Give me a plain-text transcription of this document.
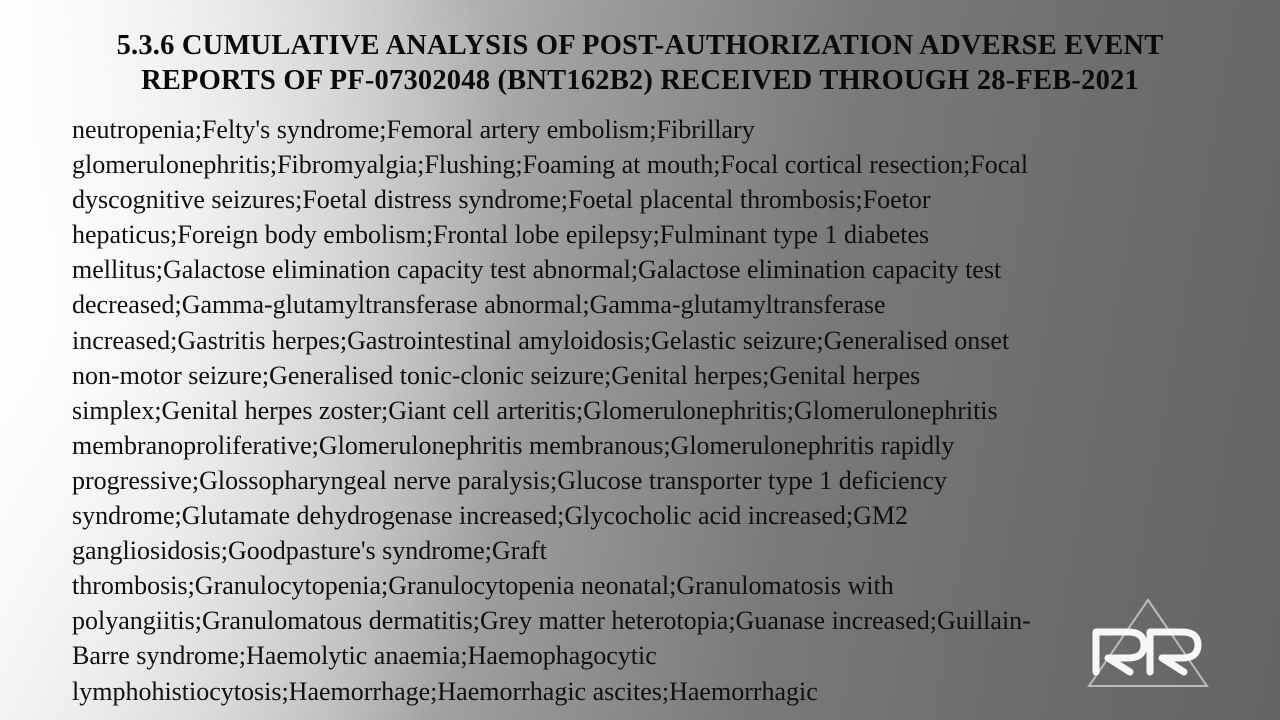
5.3.6 CUMULATIVE ANALYSIS OF POST-AUTHORIZATION ADVERSE EVENT
REPORTS OF PF-07302048 (BNT162B2) RECEIVED THROUGH 28-FEB-2021
neutropenia;Felty's syndrome;Femoral artery embolism;Fibrillary
glomerulonephritis;Fibromyalgia;Flushing;Foaming at mouth;Focal cortical resection;Focal
dyscognitive seizures;Foetal distress syndrome;Foetal placental thrombosis;Foetor
hepaticus;Foreign body embolism;Frontal lobe epilepsy;Fulminant type 1 diabetes
mellitus;Galactose elimination capacity test abnormal;Galactose elimination capacity test
decreased;Gamma-glutamyltransferase abnormal;Gamma-glutamyltransferase
increased;Gastritis herpes;Gastrointestinal amyloidosis;Gelastic seizure;Generalised onset
non-motor seizure;Generalised tonic-clonic seizure;Genital herpes;Genital herpes
simplex;Genital herpes zoster;Giant cell arteritis;Glomerulonephritis;Glomerulonephritis
membranoproliferative;Glomerulonephritis membranous;Glomerulonephritis rapidly
progressive;Glossopharyngeal nerve paralysis;Glucose transporter type 1 deficiency
syndrome;Glutamate dehydrogenase increased;Glycocholic acid increased;GM2
gangliosidosis;Goodpasture's syndrome;Graft
thrombosis;Granulocytopenia;Granulocytopenia neonatal;Granulomatosis with
polyangiitis;Granulomatous dermatitis;Grey matter heterotopia;Guanase increased;Guillain-
Barre syndrome;Haemolytic anaemia;Haemophagocytic
lymphohistiocytosis;Haemorrhage;Haemorrhagic ascites;Haemorrhagic
